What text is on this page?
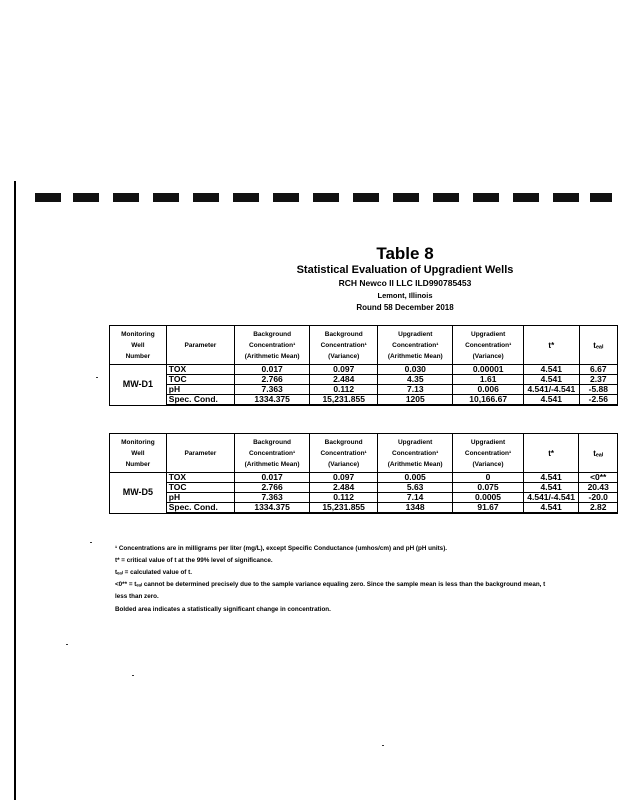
Table 8
Statistical Evaluation of Upgradient Wells
RCH Newco II LLC ILD990785453
Lemont, Illinois
Round 58 December 2018
Monitoring
Well
Number	Parameter	Background
Concentration¹
(Arithmetic Mean)	Background
Concentration¹
(Variance)	Upgradient
Concentration¹
(Arithmetic Mean)	Upgradient
Concentration¹
(Variance)	t*	tₑₐₗ
MW-D1	TOX	0.017	0.097	0.030	0.00001	4.541	6.67
	TOC	2.766	2.484	4.35	1.61	4.541	2.37
	pH	7.363	0.112	7.13	0.006	4.541/-4.541	-5.88
	Spec. Cond.	1334.375	15,231.855	1205	10,166.67	4.541	-2.56
Monitoring
Well
Number	Parameter	Background
Concentration¹
(Arithmetic Mean)	Background
Concentration¹
(Variance)	Upgradient
Concentration¹
(Arithmetic Mean)	Upgradient
Concentration¹
(Variance)	t*	tₑₐₗ
MW-D5	TOX	0.017	0.097	0.005	0	4.541	<0**
	TOC	2.766	2.484	5.63	0.075	4.541	20.43
	pH	7.363	0.112	7.14	0.0005	4.541/-4.541	-20.0
	Spec. Cond.	1334.375	15,231.855	1348	91.67	4.541	2.82
¹ Concentrations are in milligrams per liter (mg/L), except Specific Conductance (umhos/cm) and pH (pH units).
t* = critical value of t at the 99% level of significance.
tₑₐₗ = calculated value of t.
<0** = tₑₐₗ cannot be determined precisely due to the sample variance equaling zero. Since the sample mean is less than the background mean, t
less than zero.
Bolded area indicates a statistically significant change in concentration.
